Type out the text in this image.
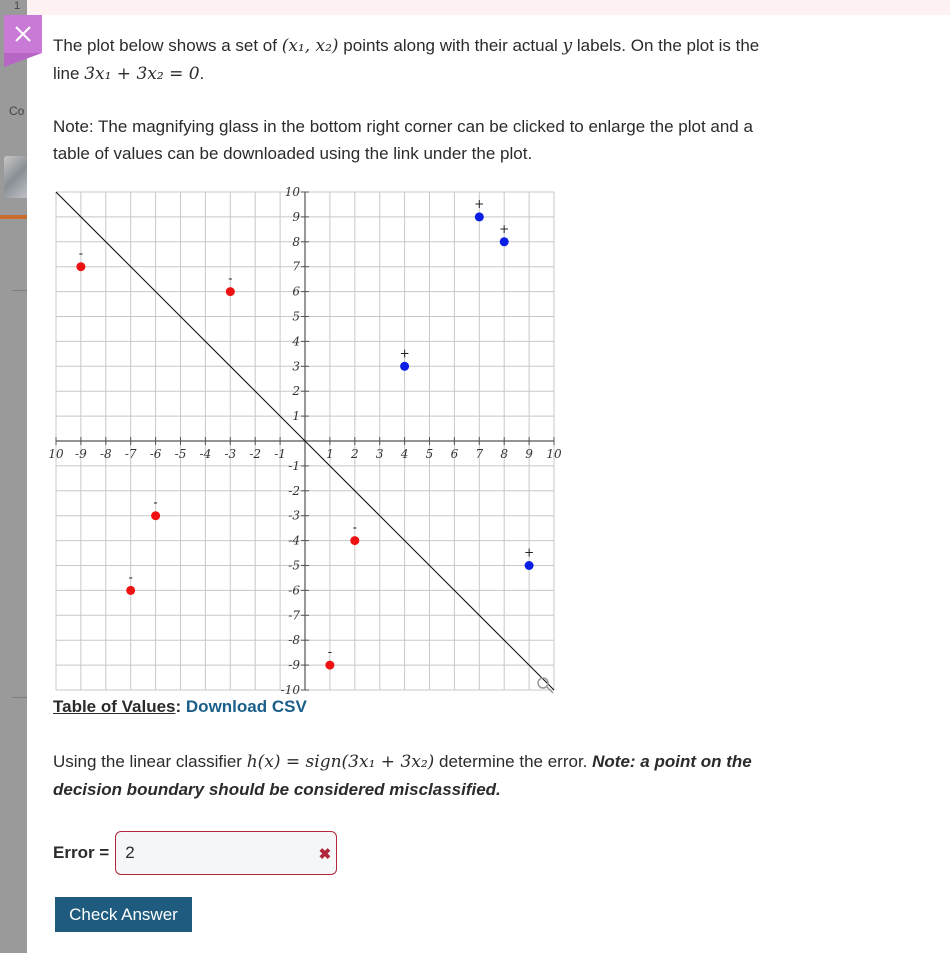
1
Co
The plot below shows a set of (x₁, x₂) points along with their actual y labels. On the plot is the line 3x₁ + 3x₂ = 0.
Note: The magnifying glass in the bottom right corner can be clicked to enlarge the plot and a table of values can be downloaded using the link under the plot.
10 -9 -8 -7 -6 -5 -4 -3 -2 -1	1 2 3 4 5 6 7 8 9 10
10
9
8
7
6
5
4
3
2
1
-1
-2
-3
-4
-5
-6
-7
-8
-9
-10
-
-
-
-
-
-
+
+
+
+
Table of Values: Download CSV
Using the linear classifier h(x) = sign(3x₁ + 3x₂) determine the error. Note: a point on the decision boundary should be considered misclassified.
Error =
2	✖
Check Answer
